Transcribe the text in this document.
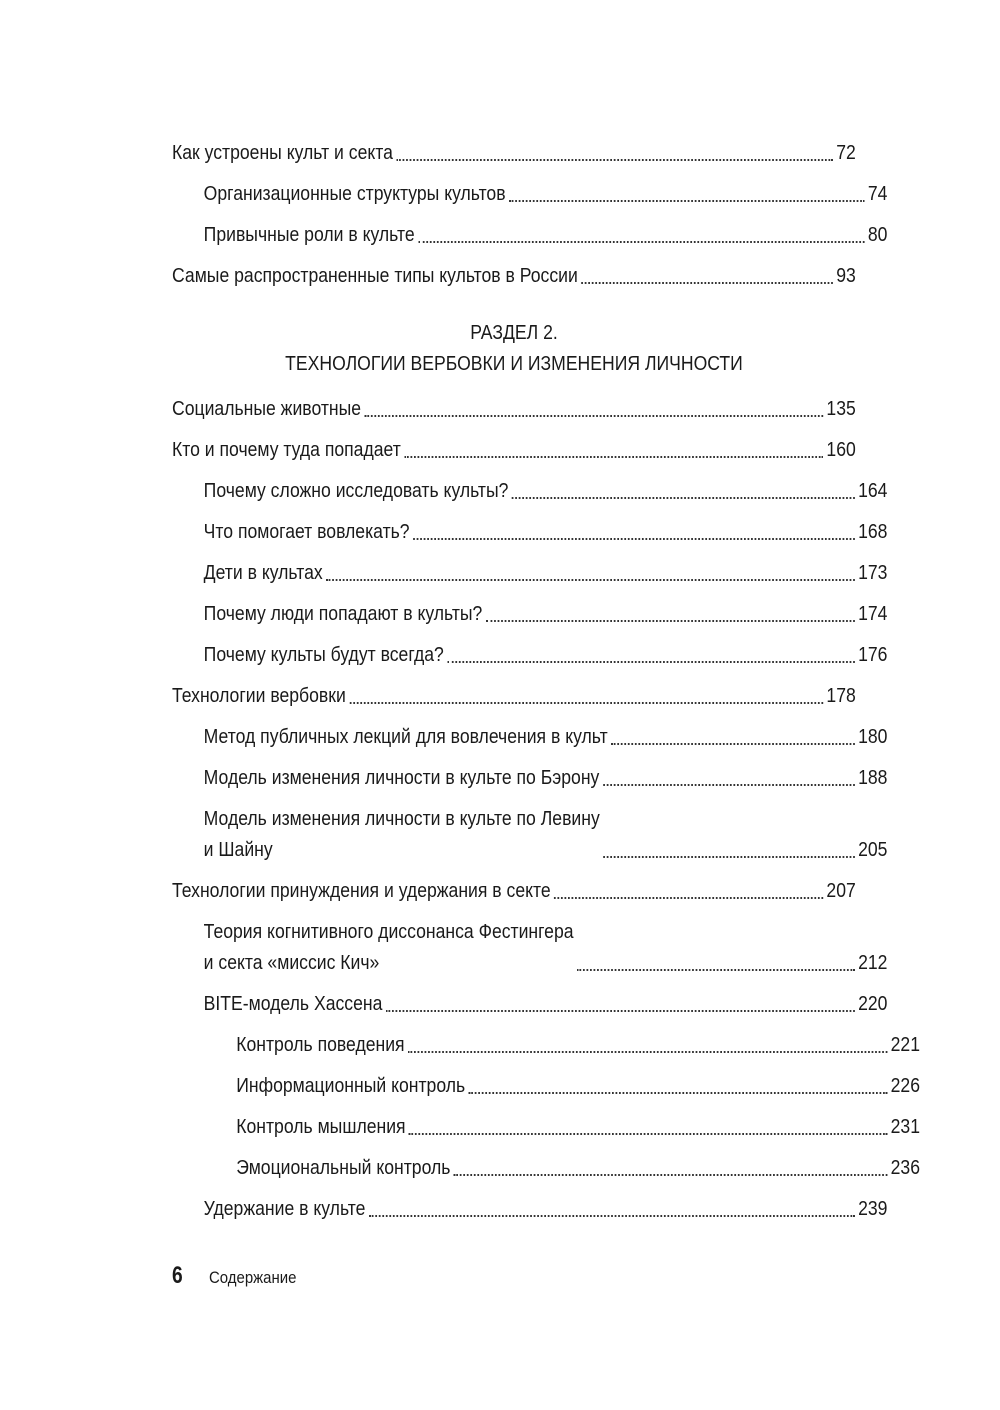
Как устроены культ и секта	72
Организационные структуры культов	74
Привычные роли в культе	80
Самые распространенные типы культов в России	93
РАЗДЕЛ 2.
ТЕХНОЛОГИИ ВЕРБОВКИ И ИЗМЕНЕНИЯ ЛИЧНОСТИ
Социальные животные	135
Кто и почему туда попадает	160
Почему сложно исследовать культы?	164
Что помогает вовлекать?	168
Дети в культах	173
Почему люди попадают в культы?	174
Почему культы будут всегда?	176
Технологии вербовки	178
Метод публичных лекций для вовлечения в культ	180
Модель изменения личности в культе по Бэрону	188
Модель изменения личности в культе по Левину
и Шайну	205
Технологии принуждения и удержания в секте	207
Теория когнитивного диссонанса Фестингера
и секта «миссис Кич»	212
BITE-модель Хассена	220
Контроль поведения	221
Информационный контроль	226
Контроль мышления	231
Эмоциональный контроль	236
Удержание в культе	239
6 Содержание
